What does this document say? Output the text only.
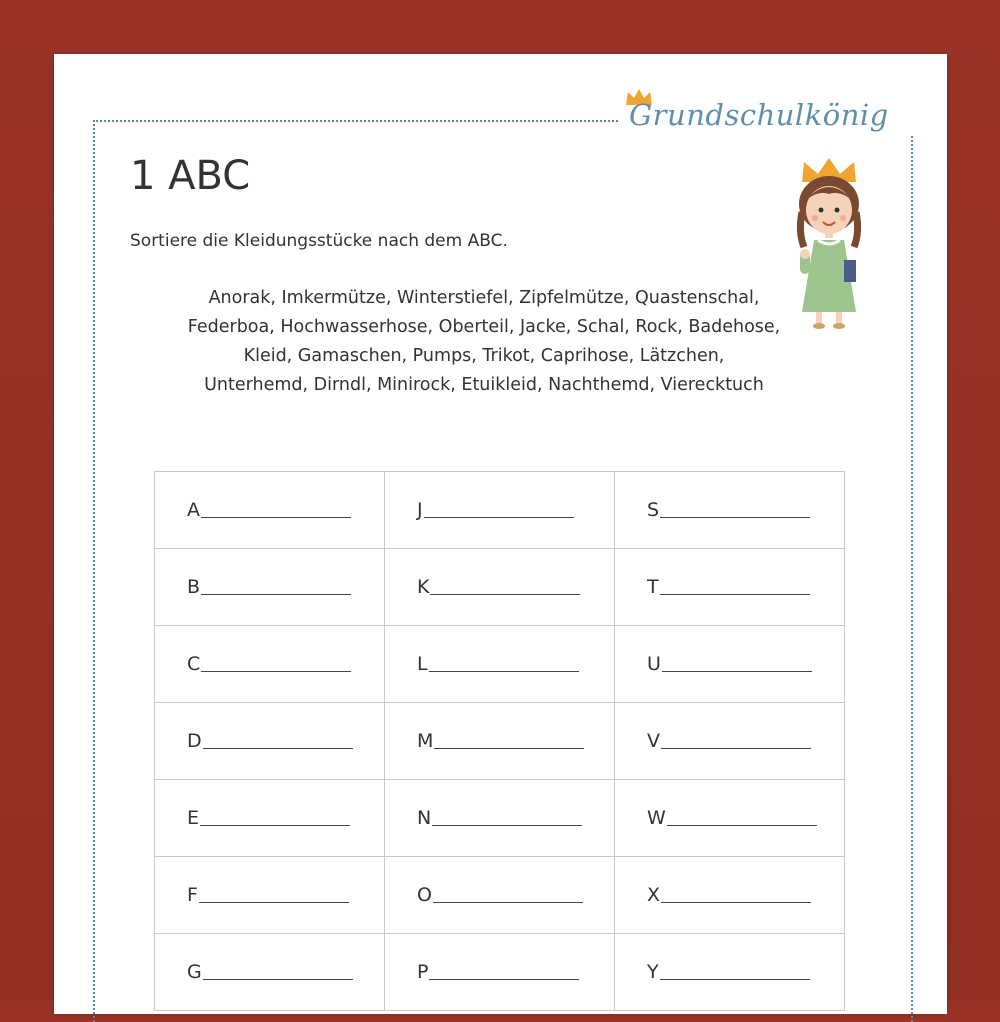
Grundschulkönig
1 ABC
Sortiere die Kleidungsstücke nach dem ABC.
Anorak, Imkermütze, Winterstiefel, Zipfelmütze, Quastenschal,
Federboa, Hochwasserhose, Oberteil, Jacke, Schal, Rock, Badehose,
Kleid, Gamaschen, Pumps, Trikot, Caprihose, Lätzchen,
Unterhemd, Dirndl, Minirock, Etuikleid, Nachthemd, Vierecktuch
A	J	S

B	K	T

C	L	U

D	M	V

E	N	W

F	O	X

G	P	Y
